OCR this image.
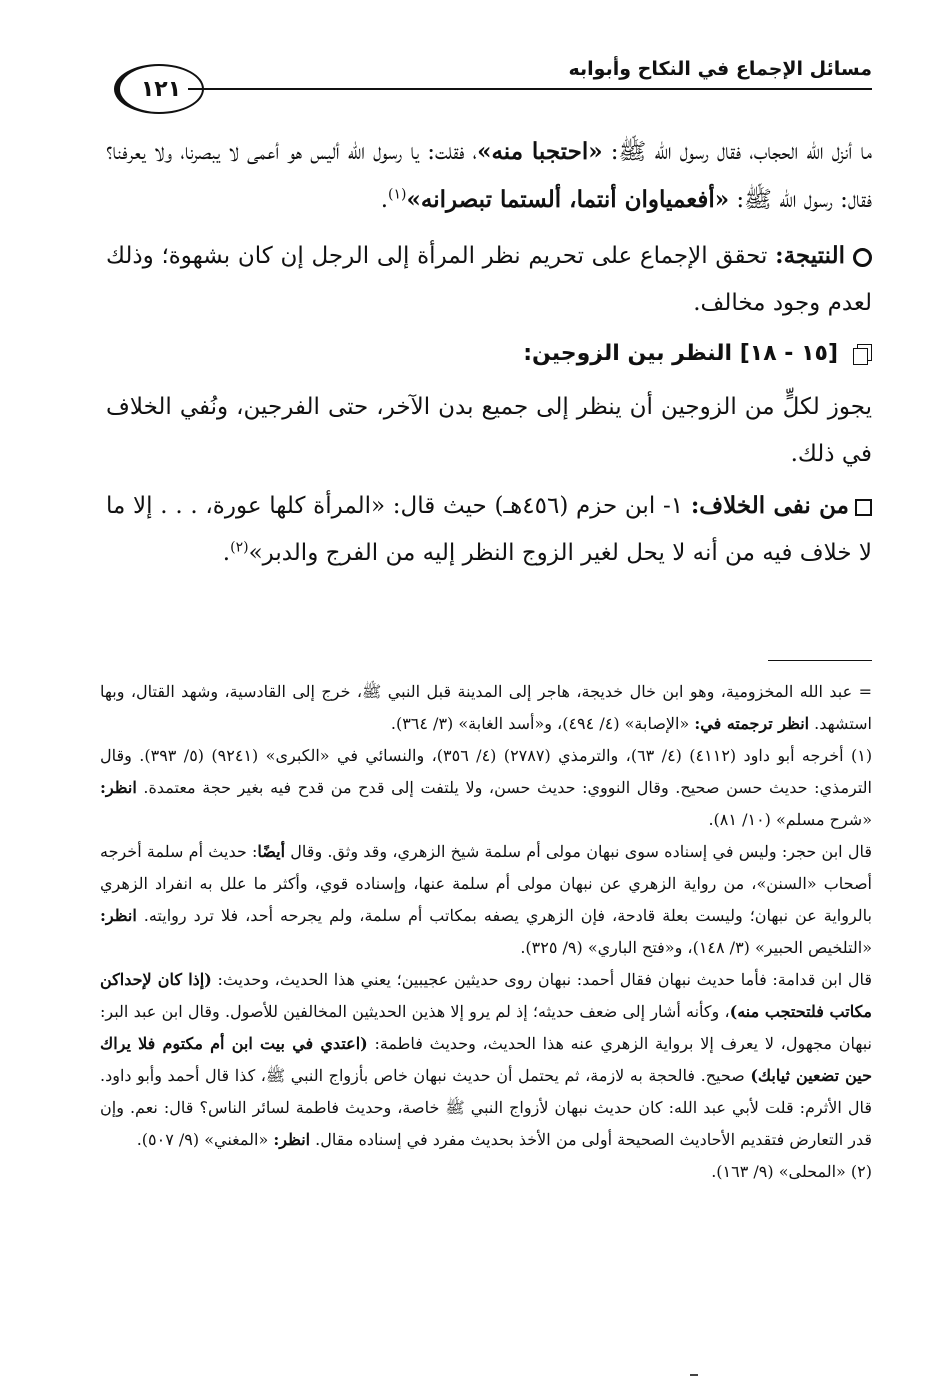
مسائل الإجماع في النكاح وأبوابه
١٢١

ما أنزل الله الحجاب، فقال رسول الله ﷺ: «احتجبا منه»، فقلت: يا رسول الله أليس هو أعمى لا يبصرنا، ولا يعرفنا؟ فقال: رسول الله ﷺ: «أفعمياوان أنتما، ألستما تبصرانه»$^{(١)}$.

النتيجة: تحقق الإجماع على تحريم نظر المرأة إلى الرجل إن كان بشهوة؛ وذلك لعدم وجود مخالف.

[١٥ - ١٨] النظر بين الزوجين:

يجوز لكلٍّ من الزوجين أن ينظر إلى جميع بدن الآخر، حتى الفرجين، ونُفي الخلاف في ذلك.

من نفى الخلاف: ١- ابن حزم (٤٥٦هـ) حيث قال: «المرأة كلها عورة، . . . إلا ما لا خلاف فيه من أنه لا يحل لغير الزوج النظر إليه من الفرج والدبر»$^{(٢)}$.

= عبد الله المخزومية، وهو ابن خال خديجة، هاجر إلى المدينة قبل النبي ﷺ، خرج إلى القادسية، وشهد القتال، وبها استشهد. انظر ترجمته في: «الإصابة» (٤/ ٤٩٤)، و«أسد الغابة» (٣/ ٣٦٤).

(١) أخرجه أبو داود (٤١١٢) (٤/ ٦٣)، والترمذي (٢٧٨٧) (٤/ ٣٥٦)، والنسائي في «الكبرى» (٩٢٤١) (٥/ ٣٩٣). وقال الترمذي: حديث حسن صحيح. وقال النووي: حديث حسن، ولا يلتفت إلى قدح من قدح فيه بغير حجة معتمدة. انظر: «شرح مسلم» (١٠/ ٨١).

قال ابن حجر: وليس في إسناده سوى نبهان مولى أم سلمة شيخ الزهري، وقد وثق. وقال أيضًا: حديث أم سلمة أخرجه أصحاب «السنن»، من رواية الزهري عن نبهان مولى أم سلمة عنها، وإسناده قوي، وأكثر ما علل به انفراد الزهري بالرواية عن نبهان؛ وليست بعلة قادحة، فإن الزهري يصفه بمكاتب أم سلمة، ولم يجرحه أحد، فلا ترد روايته. انظر: «التلخيص الحبير» (٣/ ١٤٨)، و«فتح الباري» (٩/ ٣٢٥).

قال ابن قدامة: فأما حديث نبهان فقال أحمد: نبهان روى حديثين عجيبين؛ يعني هذا الحديث، وحديث: (إذا كان لإحداكن مكاتب فلتحتجب منه)، وكأنه أشار إلى ضعف حديثه؛ إذ لم يرو إلا هذين الحديثين المخالفين للأصول. وقال ابن عبد البر: نبهان مجهول، لا يعرف إلا برواية الزهري عنه هذا الحديث، وحديث فاطمة: (اعتدي في بيت ابن أم مكتوم فلا يراك حين تضعين ثيابك) صحيح. فالحجة به لازمة، ثم يحتمل أن حديث نبهان خاص بأزواج النبي ﷺ، كذا قال أحمد وأبو داود. قال الأثرم: قلت لأبي عبد الله: كان حديث نبهان لأزواج النبي ﷺ خاصة، وحديث فاطمة لسائر الناس؟ قال: نعم. وإن قدر التعارض فتقديم الأحاديث الصحيحة أولى من الأخذ بحديث مفرد في إسناده مقال. انظر: «المغني» (٩/ ٥٠٧).

(٢) «المحلى» (٩/ ١٦٣).
